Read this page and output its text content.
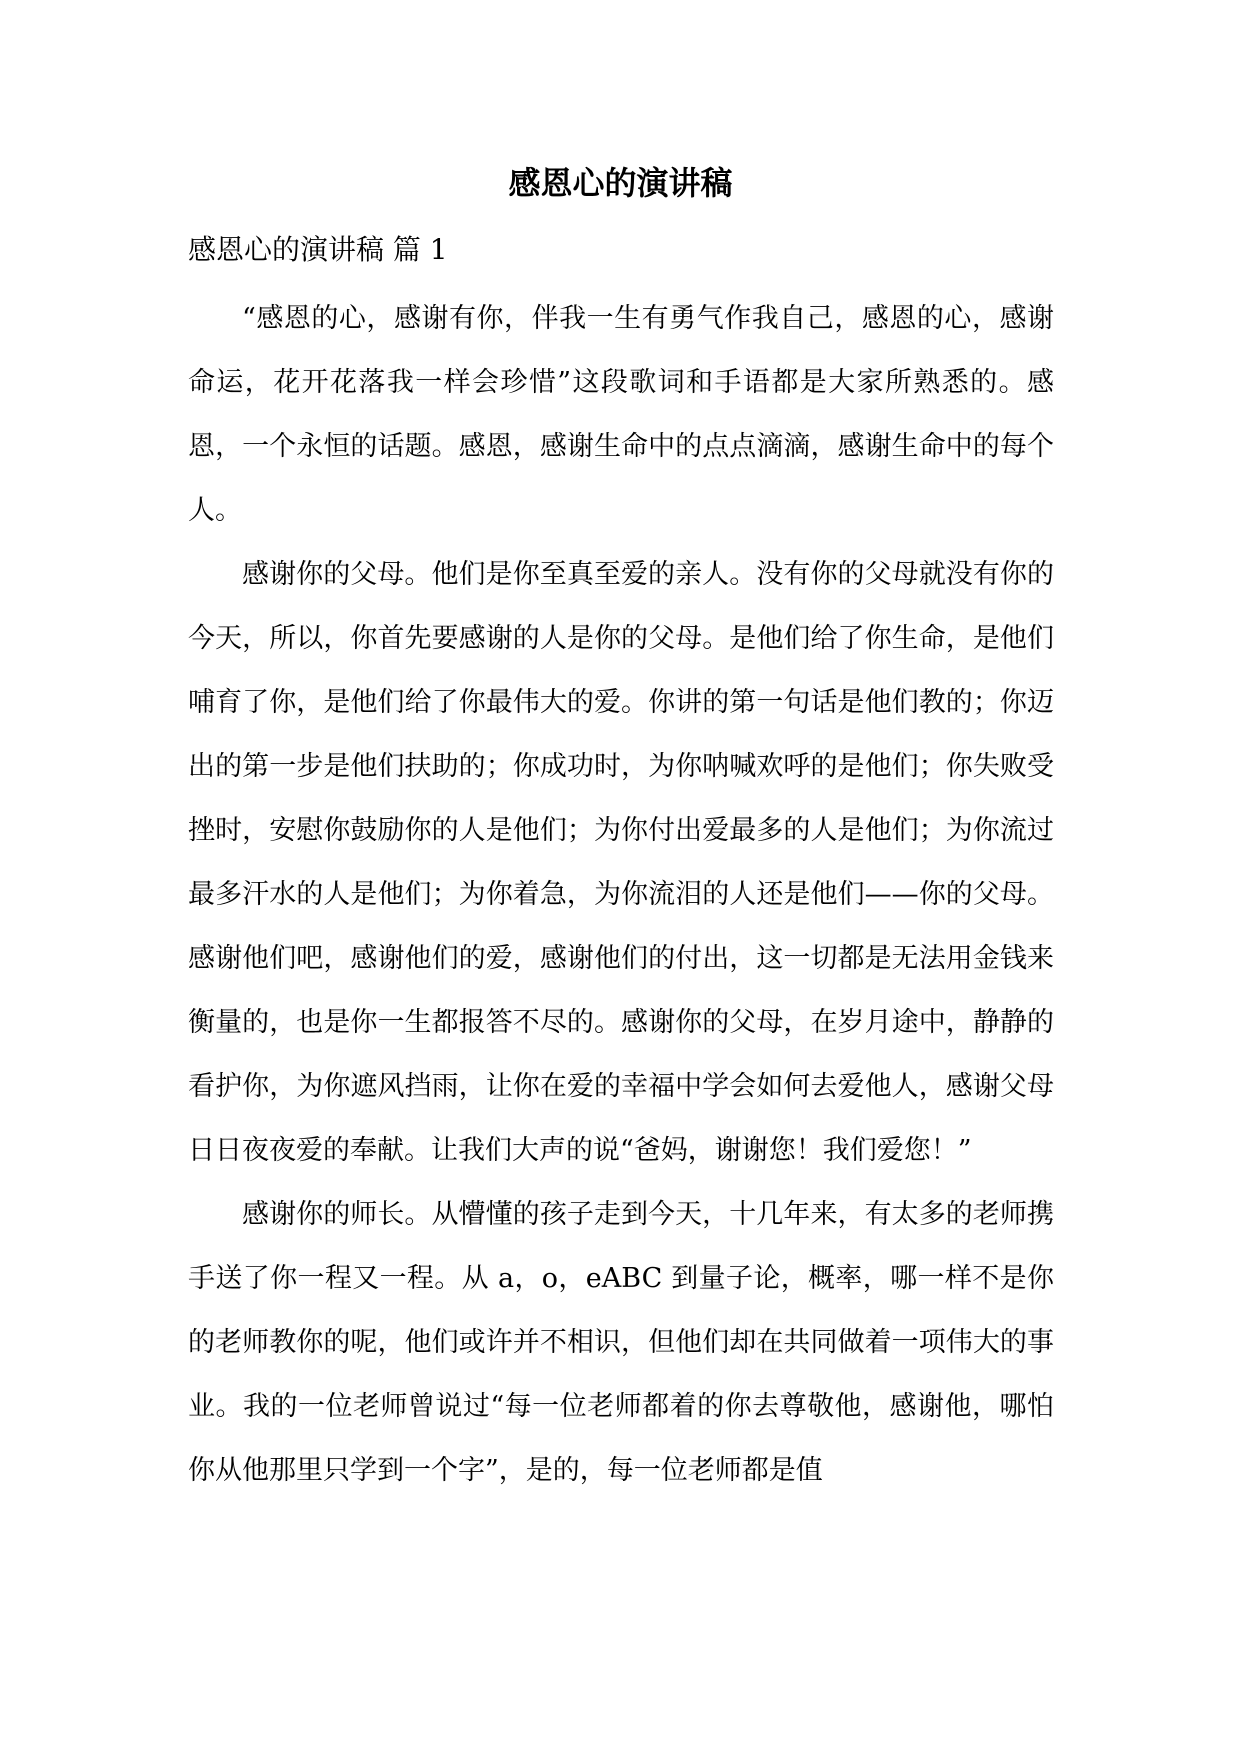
感恩心的演讲稿
感恩心的演讲稿 篇 1

“感恩的心，感谢有你，伴我一生有勇气作我自己，感恩的心，感谢命运，花开花落我一样会珍惜”这段歌词和手语都是大家所熟悉的。感恩，一个永恒的话题。感恩，感谢生命中的点点滴滴，感谢生命中的每个人。

感谢你的父母。他们是你至真至爱的亲人。没有你的父母就没有你的今天，所以，你首先要感谢的人是你的父母。是他们给了你生命，是他们哺育了你，是他们给了你最伟大的爱。你讲的第一句话是他们教的；你迈出的第一步是他们扶助的；你成功时，为你呐喊欢呼的是他们；你失败受挫时，安慰你鼓励你的人是他们；为你付出爱最多的人是他们；为你流过最多汗水的人是他们；为你着急，为你流泪的人还是他们——你的父母。感谢他们吧，感谢他们的爱，感谢他们的付出，这一切都是无法用金钱来衡量的，也是你一生都报答不尽的。感谢你的父母，在岁月途中，静静的看护你，为你遮风挡雨，让你在爱的幸福中学会如何去爱他人，感谢父母日日夜夜爱的奉献。让我们大声的说“爸妈，谢谢您！我们爱您！”

感谢你的师长。从懵懂的孩子走到今天，十几年来，有太多的老师携手送了你一程又一程。从 a，o，eABC 到量子论，概率，哪一样不是你的老师教你的呢，他们或许并不相识，但他们却在共同做着一项伟大的事业。我的一位老师曾说过“每一位老师都着的你去尊敬他，感谢他，哪怕你从他那里只学到一个字”，是的，每一位老师都是值
